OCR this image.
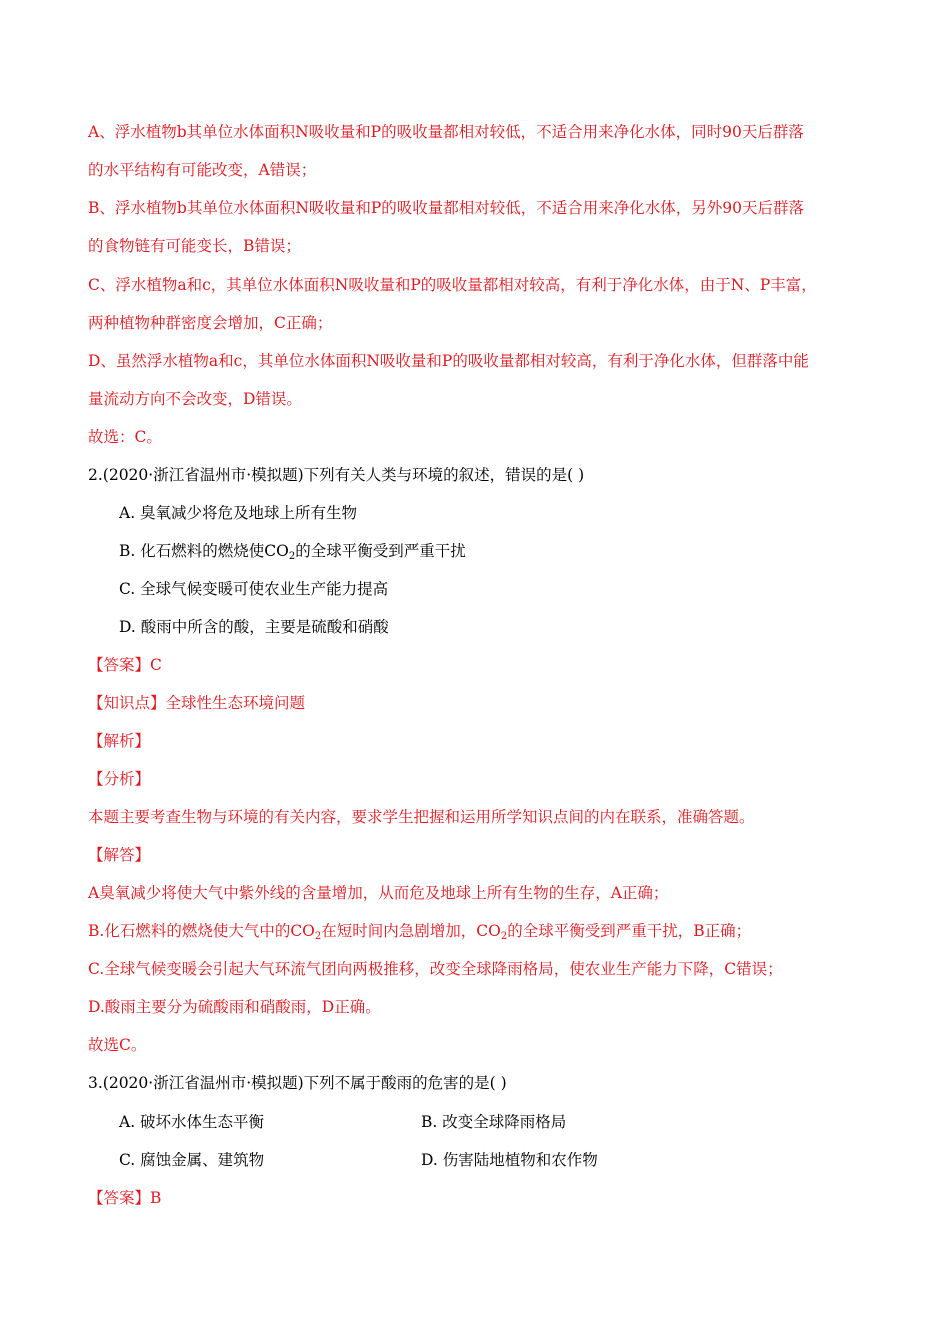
A、浮水植物b其单位水体面积N吸收量和P的吸收量都相对较低，不适合用来净化水体，同时90天后群落
的水平结构有可能改变，A错误；
B、浮水植物b其单位水体面积N吸收量和P的吸收量都相对较低，不适合用来净化水体，另外90天后群落
的食物链有可能变长，B错误；
C、浮水植物a和c，其单位水体面积N吸收量和P的吸收量都相对较高，有利于净化水体，由于N、P丰富，
两种植物种群密度会增加，C正确；
D、虽然浮水植物a和c，其单位水体面积N吸收量和P的吸收量都相对较高，有利于净化水体，但群落中能
量流动方向不会改变，D错误。
故选：C。
2.(2020·浙江省温州市·模拟题)下列有关人类与环境的叙述，错误的是( )
A. 臭氧减少将危及地球上所有生物
B. 化石燃料的燃烧使$CO_2$的全球平衡受到严重干扰
C. 全球气候变暖可使农业生产能力提高
D. 酸雨中所含的酸，主要是硫酸和硝酸
【答案】C
【知识点】全球性生态环境问题
【解析】
【分析】
本题主要考查生物与环境的有关内容，要求学生把握和运用所学知识点间的内在联系，准确答题。
【解答】
A臭氧减少将使大气中紫外线的含量增加，从而危及地球上所有生物的生存，A正确；
B.化石燃料的燃烧使大气中的$CO_2$在短时间内急剧增加，$CO_2$的全球平衡受到严重干扰，B正确；
C.全球气候变暖会引起大气环流气团向两极推移，改变全球降雨格局，使农业生产能力下降，C错误；
D.酸雨主要分为硫酸雨和硝酸雨，D正确。
故选C。
3.(2020·浙江省温州市·模拟题)下列不属于酸雨的危害的是( )
A. 破坏水体生态平衡	B. 改变全球降雨格局
C. 腐蚀金属、建筑物	D. 伤害陆地植物和农作物
【答案】B
